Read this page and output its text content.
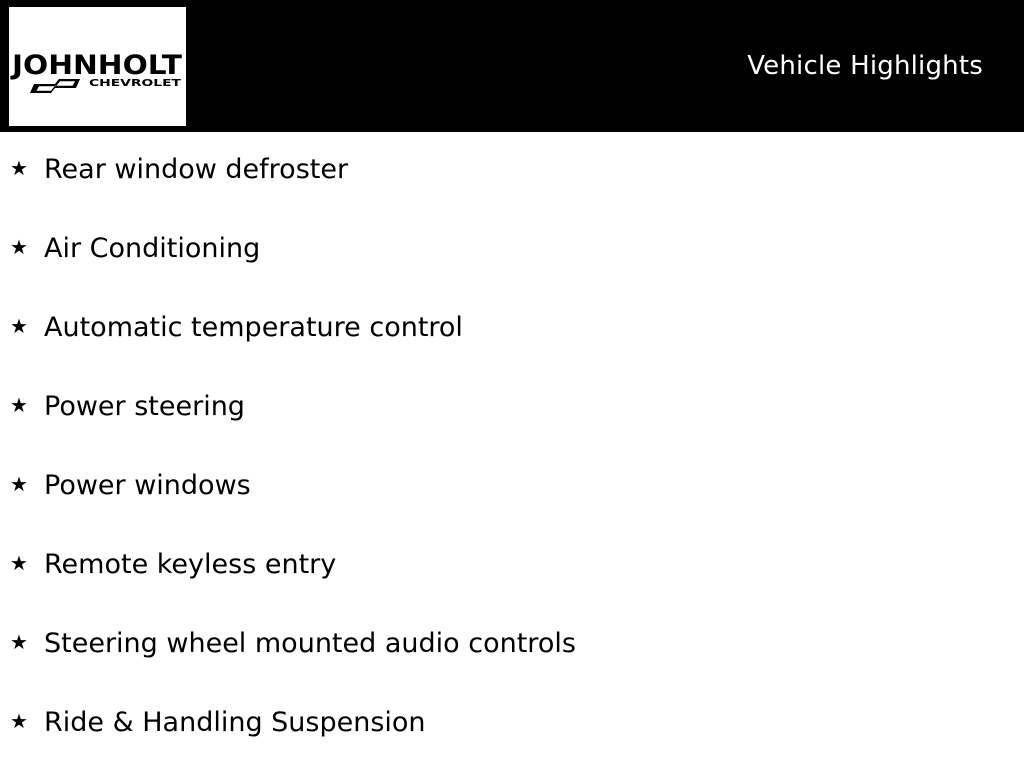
JOHNHOLT
CHEVROLET
Vehicle Highlights
★ Rear window defroster
★ Air Conditioning
★ Automatic temperature control
★ Power steering
★ Power windows
★ Remote keyless entry
★ Steering wheel mounted audio controls
★ Ride & Handling Suspension
